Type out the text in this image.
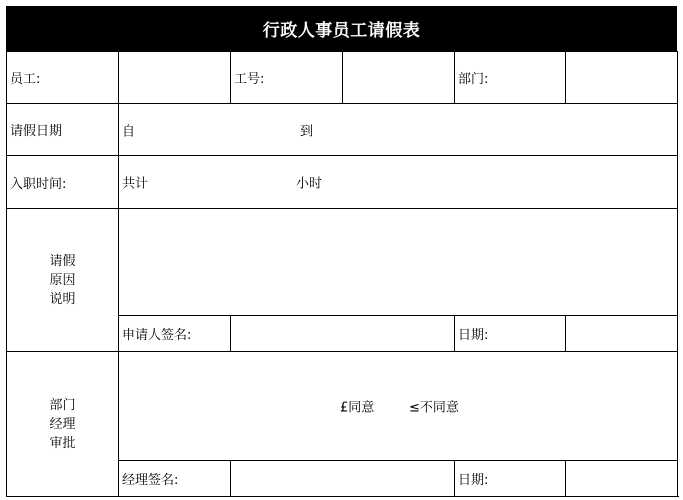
行政人事员工请假表
员工:		工号:		部门:	
请假日期	自 到				

入职时间:	共计 小时				

请假
原因
说明					

	申请人签名:			日期:	

部门
经理
审批	£同意 ≤不同意				

	经理签名:			日期:	
